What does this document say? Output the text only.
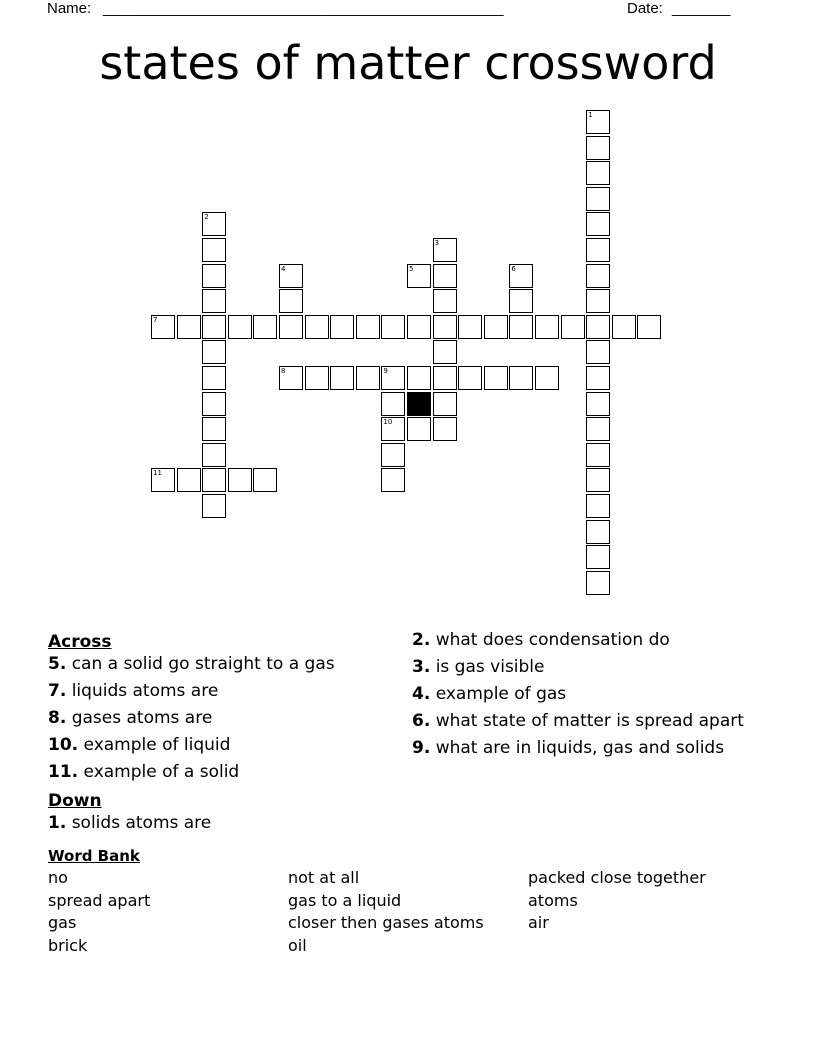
Name: ________________________________________________	Date: _______
states of matter crossword
1
2
3
4	5	6
7
8	9
10
11
Across
5. can a solid go straight to a gas
7. liquids atoms are
8. gases atoms are
10. example of liquid
11. example of a solid
Down
1. solids atoms are
2. what does condensation do
3. is gas visible
4. example of gas
6. what state of matter is spread apart
9. what are in liquids, gas and solids
Word Bank
no	not at all	packed close together
spread apart	gas to a liquid	atoms
gas	closer then gases atoms	air
brick	oil
